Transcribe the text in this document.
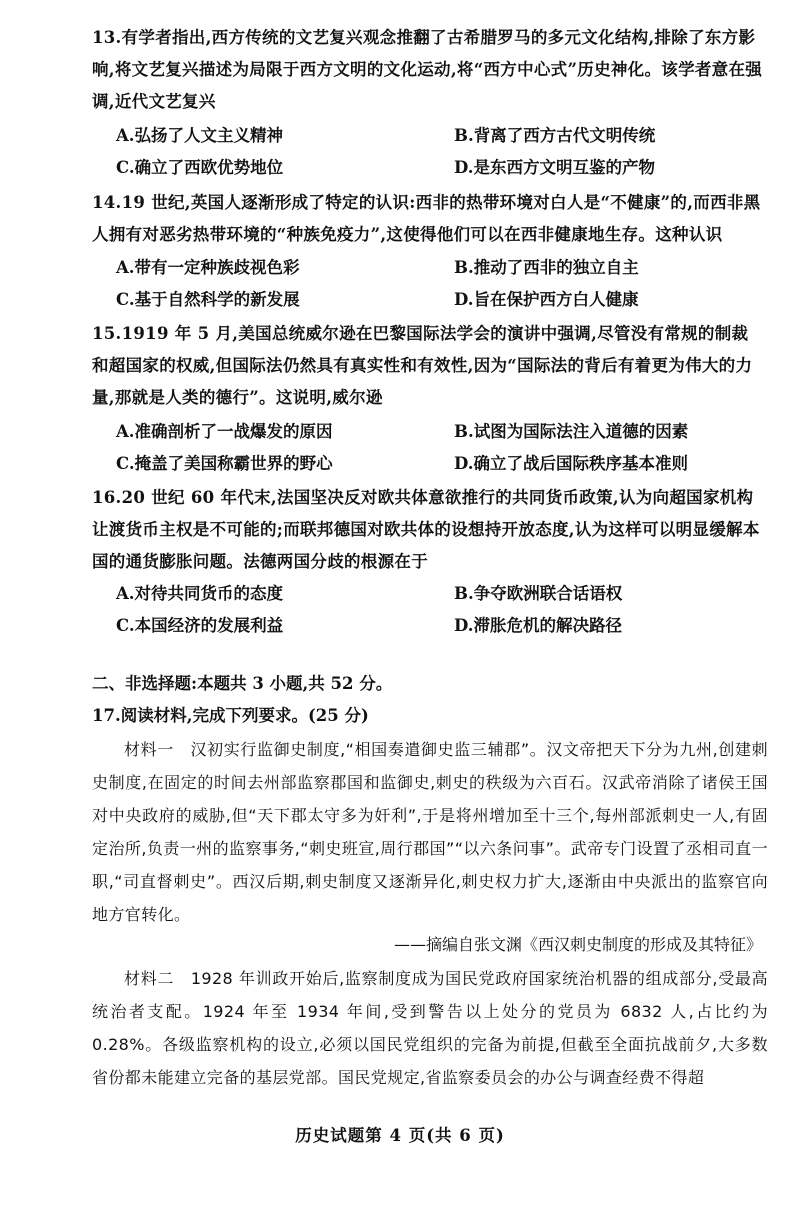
13.有学者指出,西方传统的文艺复兴观念推翻了古希腊罗马的多元文化结构,排除了东方影响,将文艺复兴描述为局限于西方文明的文化运动,将“西方中心式”历史神化。该学者意在强调,近代文艺复兴

A.弘扬了人文主义精神	B.背离了西方古代文明传统
C.确立了西欧优势地位	D.是东西方文明互鉴的产物

14.19 世纪,英国人逐渐形成了特定的认识:西非的热带环境对白人是“不健康”的,而西非黑人拥有对恶劣热带环境的“种族免疫力”,这使得他们可以在西非健康地生存。这种认识

A.带有一定种族歧视色彩	B.推动了西非的独立自主
C.基于自然科学的新发展	D.旨在保护西方白人健康

15.1919 年 5 月,美国总统威尔逊在巴黎国际法学会的演讲中强调,尽管没有常规的制裁和超国家的权威,但国际法仍然具有真实性和有效性,因为“国际法的背后有着更为伟大的力量,那就是人类的德行”。这说明,威尔逊

A.准确剖析了一战爆发的原因	B.试图为国际法注入道德的因素
C.掩盖了美国称霸世界的野心	D.确立了战后国际秩序基本准则

16.20 世纪 60 年代末,法国坚决反对欧共体意欲推行的共同货币政策,认为向超国家机构让渡货币主权是不可能的;而联邦德国对欧共体的设想持开放态度,认为这样可以明显缓解本国的通货膨胀问题。法德两国分歧的根源在于

A.对待共同货币的态度	B.争夺欧洲联合话语权
C.本国经济的发展利益	D.滞胀危机的解决路径
二、非选择题:本题共 3 小题,共 52 分。
17.阅读材料,完成下列要求。(25 分)

材料一　汉初实行监御史制度,“相国奏遣御史监三辅郡”。汉文帝把天下分为九州,创建刺史制度,在固定的时间去州部监察郡国和监御史,刺史的秩级为六百石。汉武帝消除了诸侯王国对中央政府的威胁,但“天下郡太守多为奸利”,于是将州增加至十三个,每州部派刺史一人,有固定治所,负责一州的监察事务,“刺史班宣,周行郡国”“以六条问事”。武帝专门设置了丞相司直一职,“司直督刺史”。西汉后期,刺史制度又逐渐异化,刺史权力扩大,逐渐由中央派出的监察官向地方官转化。

——摘编自张文渊《西汉刺史制度的形成及其特征》

材料二　1928 年训政开始后,监察制度成为国民党政府国家统治机器的组成部分,受最高统治者支配。1924 年至 1934 年间,受到警告以上处分的党员为 6832 人,占比约为 0.28%。各级监察机构的设立,必须以国民党组织的完备为前提,但截至全面抗战前夕,大多数省份都未能建立完备的基层党部。国民党规定,省监察委员会的办公与调查经费不得超

历史试题第 4 页(共 6 页)
